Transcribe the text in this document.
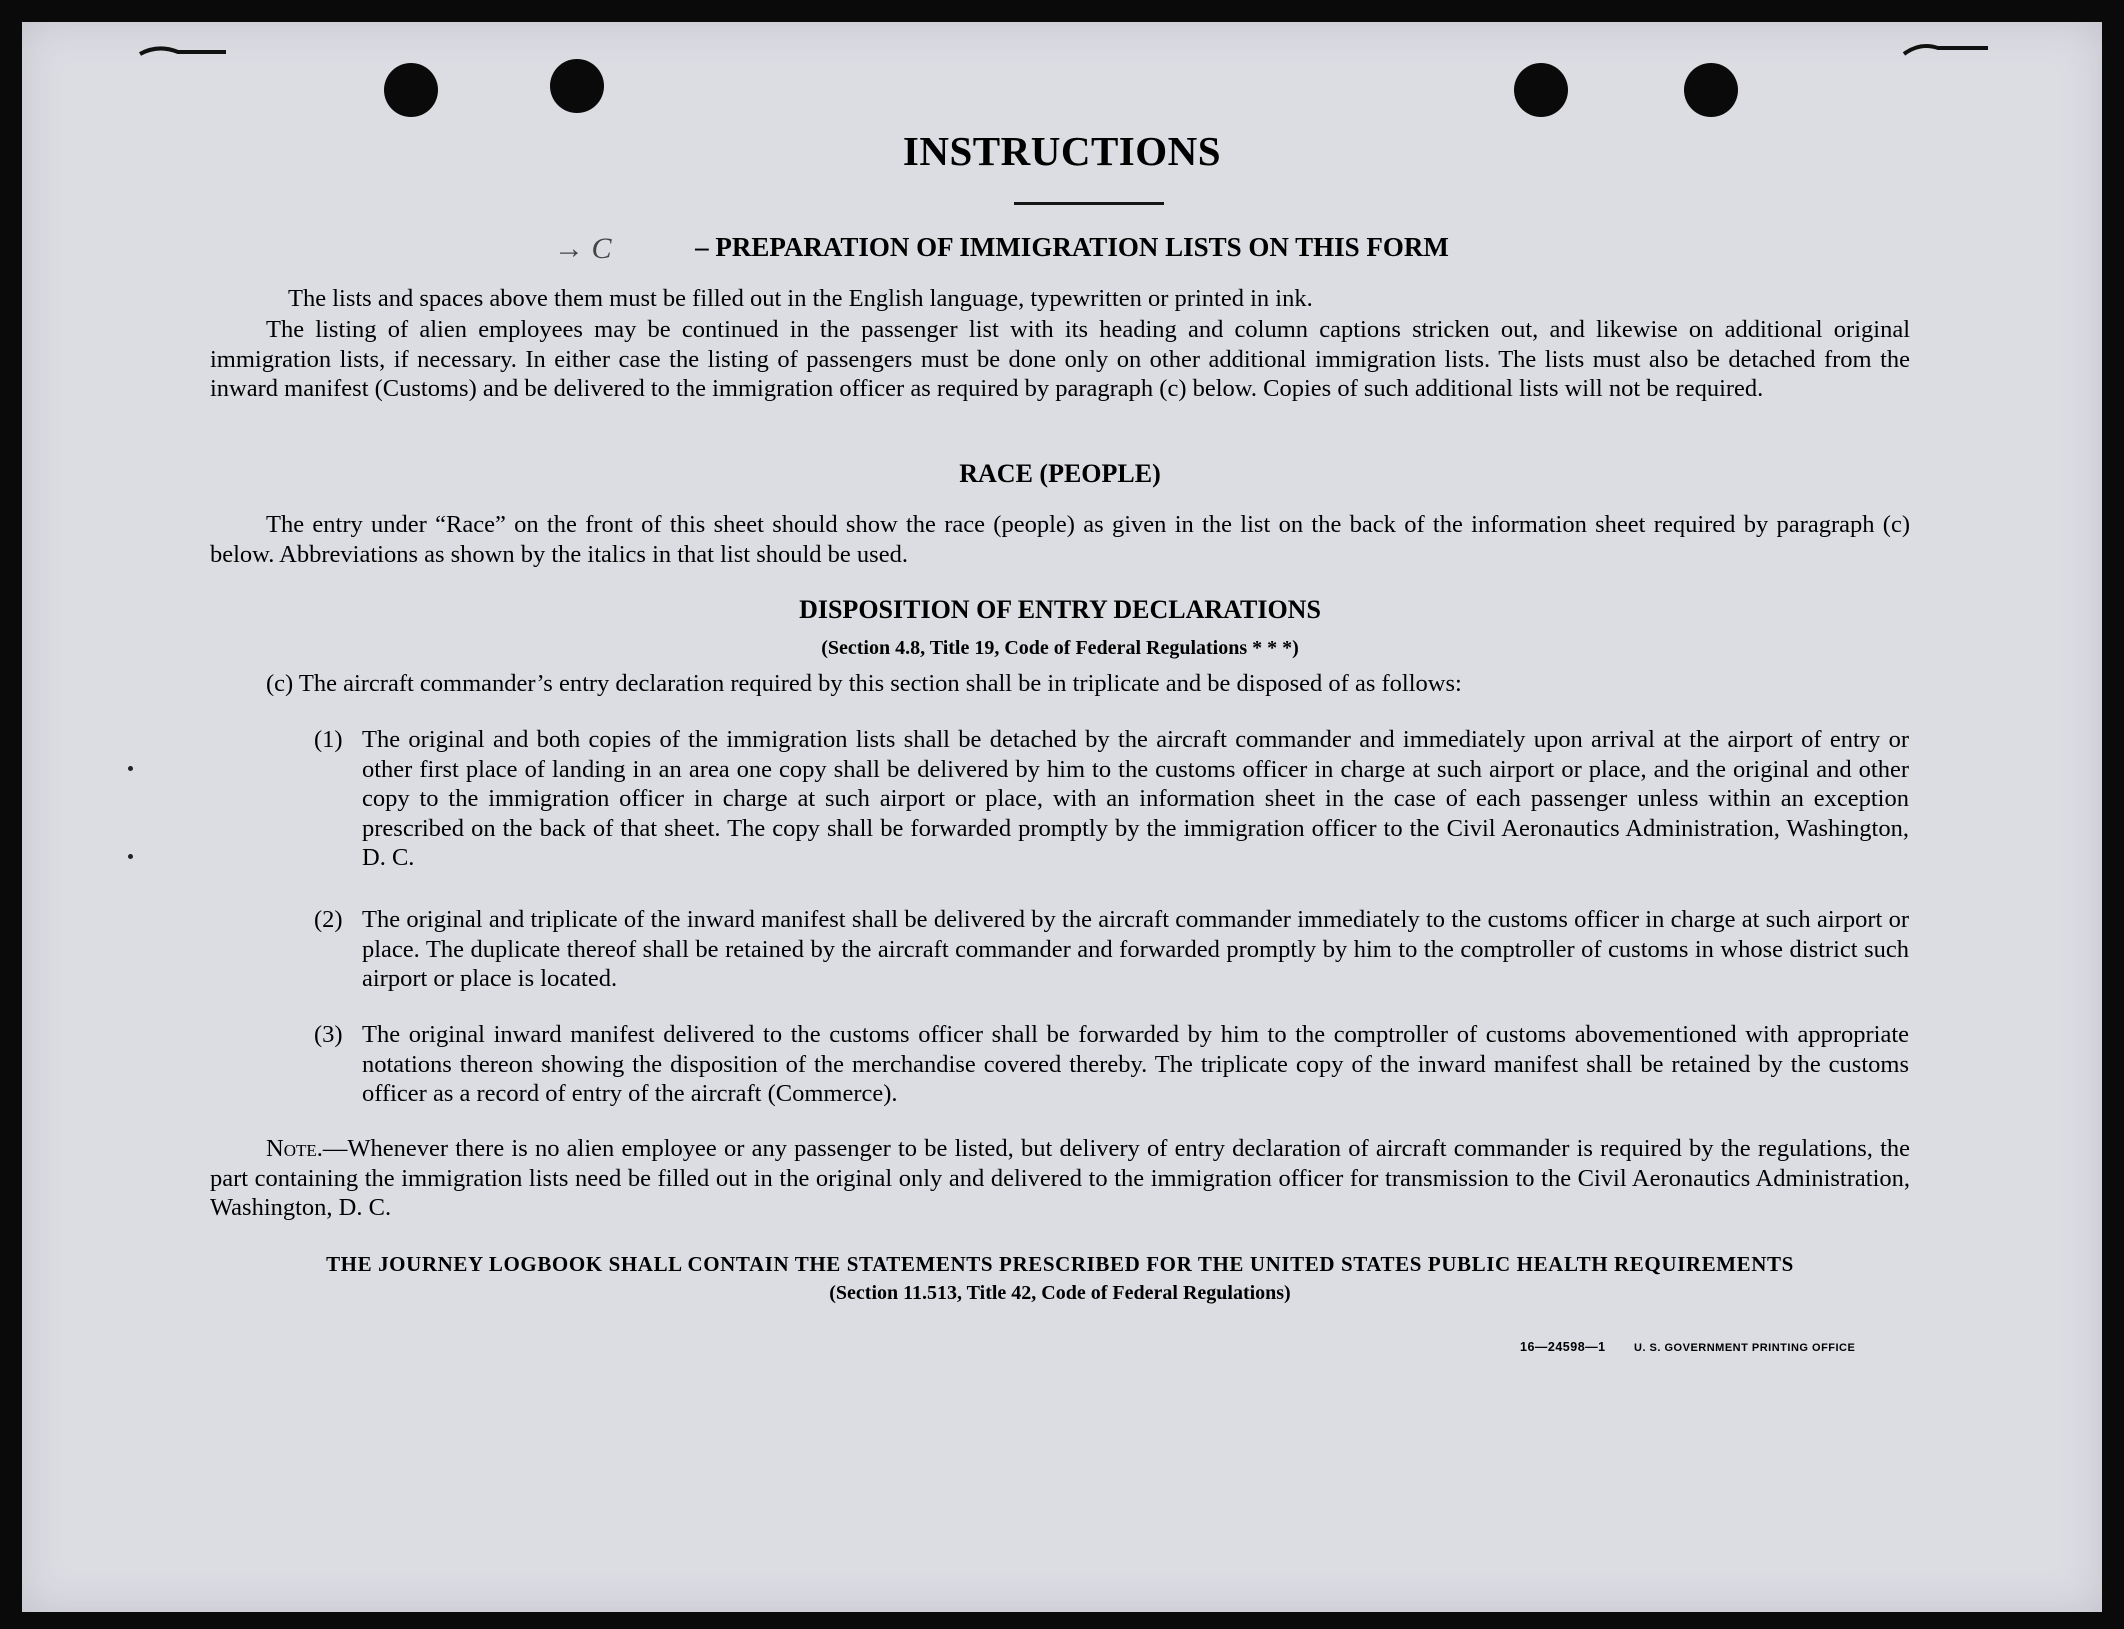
INSTRUCTIONS
→ C	– PREPARATION OF IMMIGRATION LISTS ON THIS FORM

The lists and spaces above them must be filled out in the English language, typewritten or printed in ink.

The listing of alien employees may be continued in the passenger list with its heading and column captions stricken out, and likewise on additional original immigration lists, if necessary. In either case the listing of passengers must be done only on other additional immigration lists. The lists must also be detached from the inward manifest (Customs) and be delivered to the immigration officer as required by paragraph (c) below. Copies of such additional lists will not be required.

RACE (PEOPLE)

The entry under “Race” on the front of this sheet should show the race (people) as given in the list on the back of the information sheet required by paragraph (c) below. Abbreviations as shown by the italics in that list should be used.

DISPOSITION OF ENTRY DECLARATIONS
(Section 4.8, Title 19, Code of Federal Regulations * * *)

(c) The aircraft commander’s entry declaration required by this section shall be in triplicate and be disposed of as follows:

(1) The original and both copies of the immigration lists shall be detached by the aircraft commander and immediately upon arrival at the airport of entry or other first place of landing in an area one copy shall be delivered by him to the customs officer in charge at such airport or place, and the original and other copy to the immigration officer in charge at such airport or place, with an information sheet in the case of each passenger unless within an exception prescribed on the back of that sheet. The copy shall be forwarded promptly by the immigration officer to the Civil Aeronautics Administration, Washington, D. C.
(2) The original and triplicate of the inward manifest shall be delivered by the aircraft commander immediately to the customs officer in charge at such airport or place. The duplicate thereof shall be retained by the aircraft commander and forwarded promptly by him to the comptroller of customs in whose district such airport or place is located.
(3) The original inward manifest delivered to the customs officer shall be forwarded by him to the comptroller of customs abovementioned with appropriate notations thereon showing the disposition of the merchandise covered thereby. The triplicate copy of the inward manifest shall be retained by the customs officer as a record of entry of the aircraft (Commerce).

Note.—Whenever there is no alien employee or any passenger to be listed, but delivery of entry declaration of aircraft commander is required by the regulations, the part containing the immigration lists need be filled out in the original only and delivered to the immigration officer for transmission to the Civil Aeronautics Administration, Washington, D. C.

THE JOURNEY LOGBOOK SHALL CONTAIN THE STATEMENTS PRESCRIBED FOR THE UNITED STATES PUBLIC HEALTH REQUIREMENTS
(Section 11.513, Title 42, Code of Federal Regulations)
16—24598—1	U. S. GOVERNMENT PRINTING OFFICE
